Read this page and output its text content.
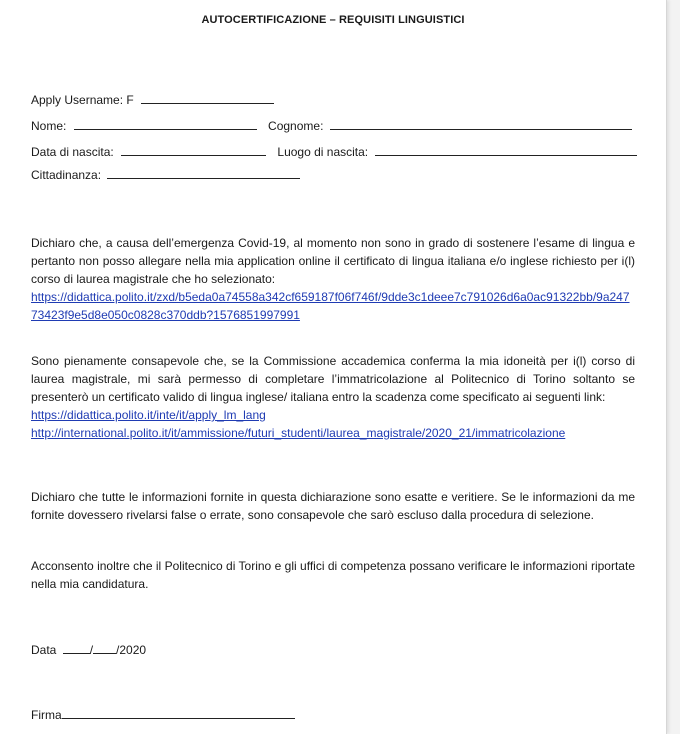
AUTOCERTIFICAZIONE – REQUISITI LINGUISTICI
Apply Username: F
Nome:	Cognome:
Data di nascita:	Luogo di nascita:
Cittadinanza:

Dichiaro che, a causa dell’emergenza Covid-19, al momento non sono in grado di sostenere l’esame di lingua e pertanto non posso allegare nella mia application online il certificato di lingua italiana e/o inglese richiesto per i(l) corso di laurea magistrale che ho selezionato:

https://didattica.polito.it/zxd/b5eda0a74558a342cf659187f06f746f/9dde3c1deee7c791026d6a0ac91322bb/9a24773423f9e5d8e050c0828c370ddb?1576851997991

Sono pienamente consapevole che, se la Commissione accademica conferma la mia idoneità per i(l) corso di laurea magistrale, mi sarà permesso di completare l’immatricolazione al Politecnico di Torino soltanto se presenterò un certificato valido di lingua inglese/ italiana entro la scadenza come specificato ai seguenti link:

https://didattica.polito.it/inte/it/apply_lm_lang
http://international.polito.it/it/ammissione/futuri_studenti/laurea_magistrale/2020_21/immatricolazione
Dichiaro che tutte le informazioni fornite in questa dichiarazione sono esatte e veritiere. Se le informazioni da me fornite dovessero rivelarsi false o errate, sono consapevole che sarò escluso dalla procedura di selezione.
Acconsento inoltre che il Politecnico di Torino e gli uffici di competenza possano verificare le informazioni riportate nella mia candidatura.
Data	/ /2020
Firma
